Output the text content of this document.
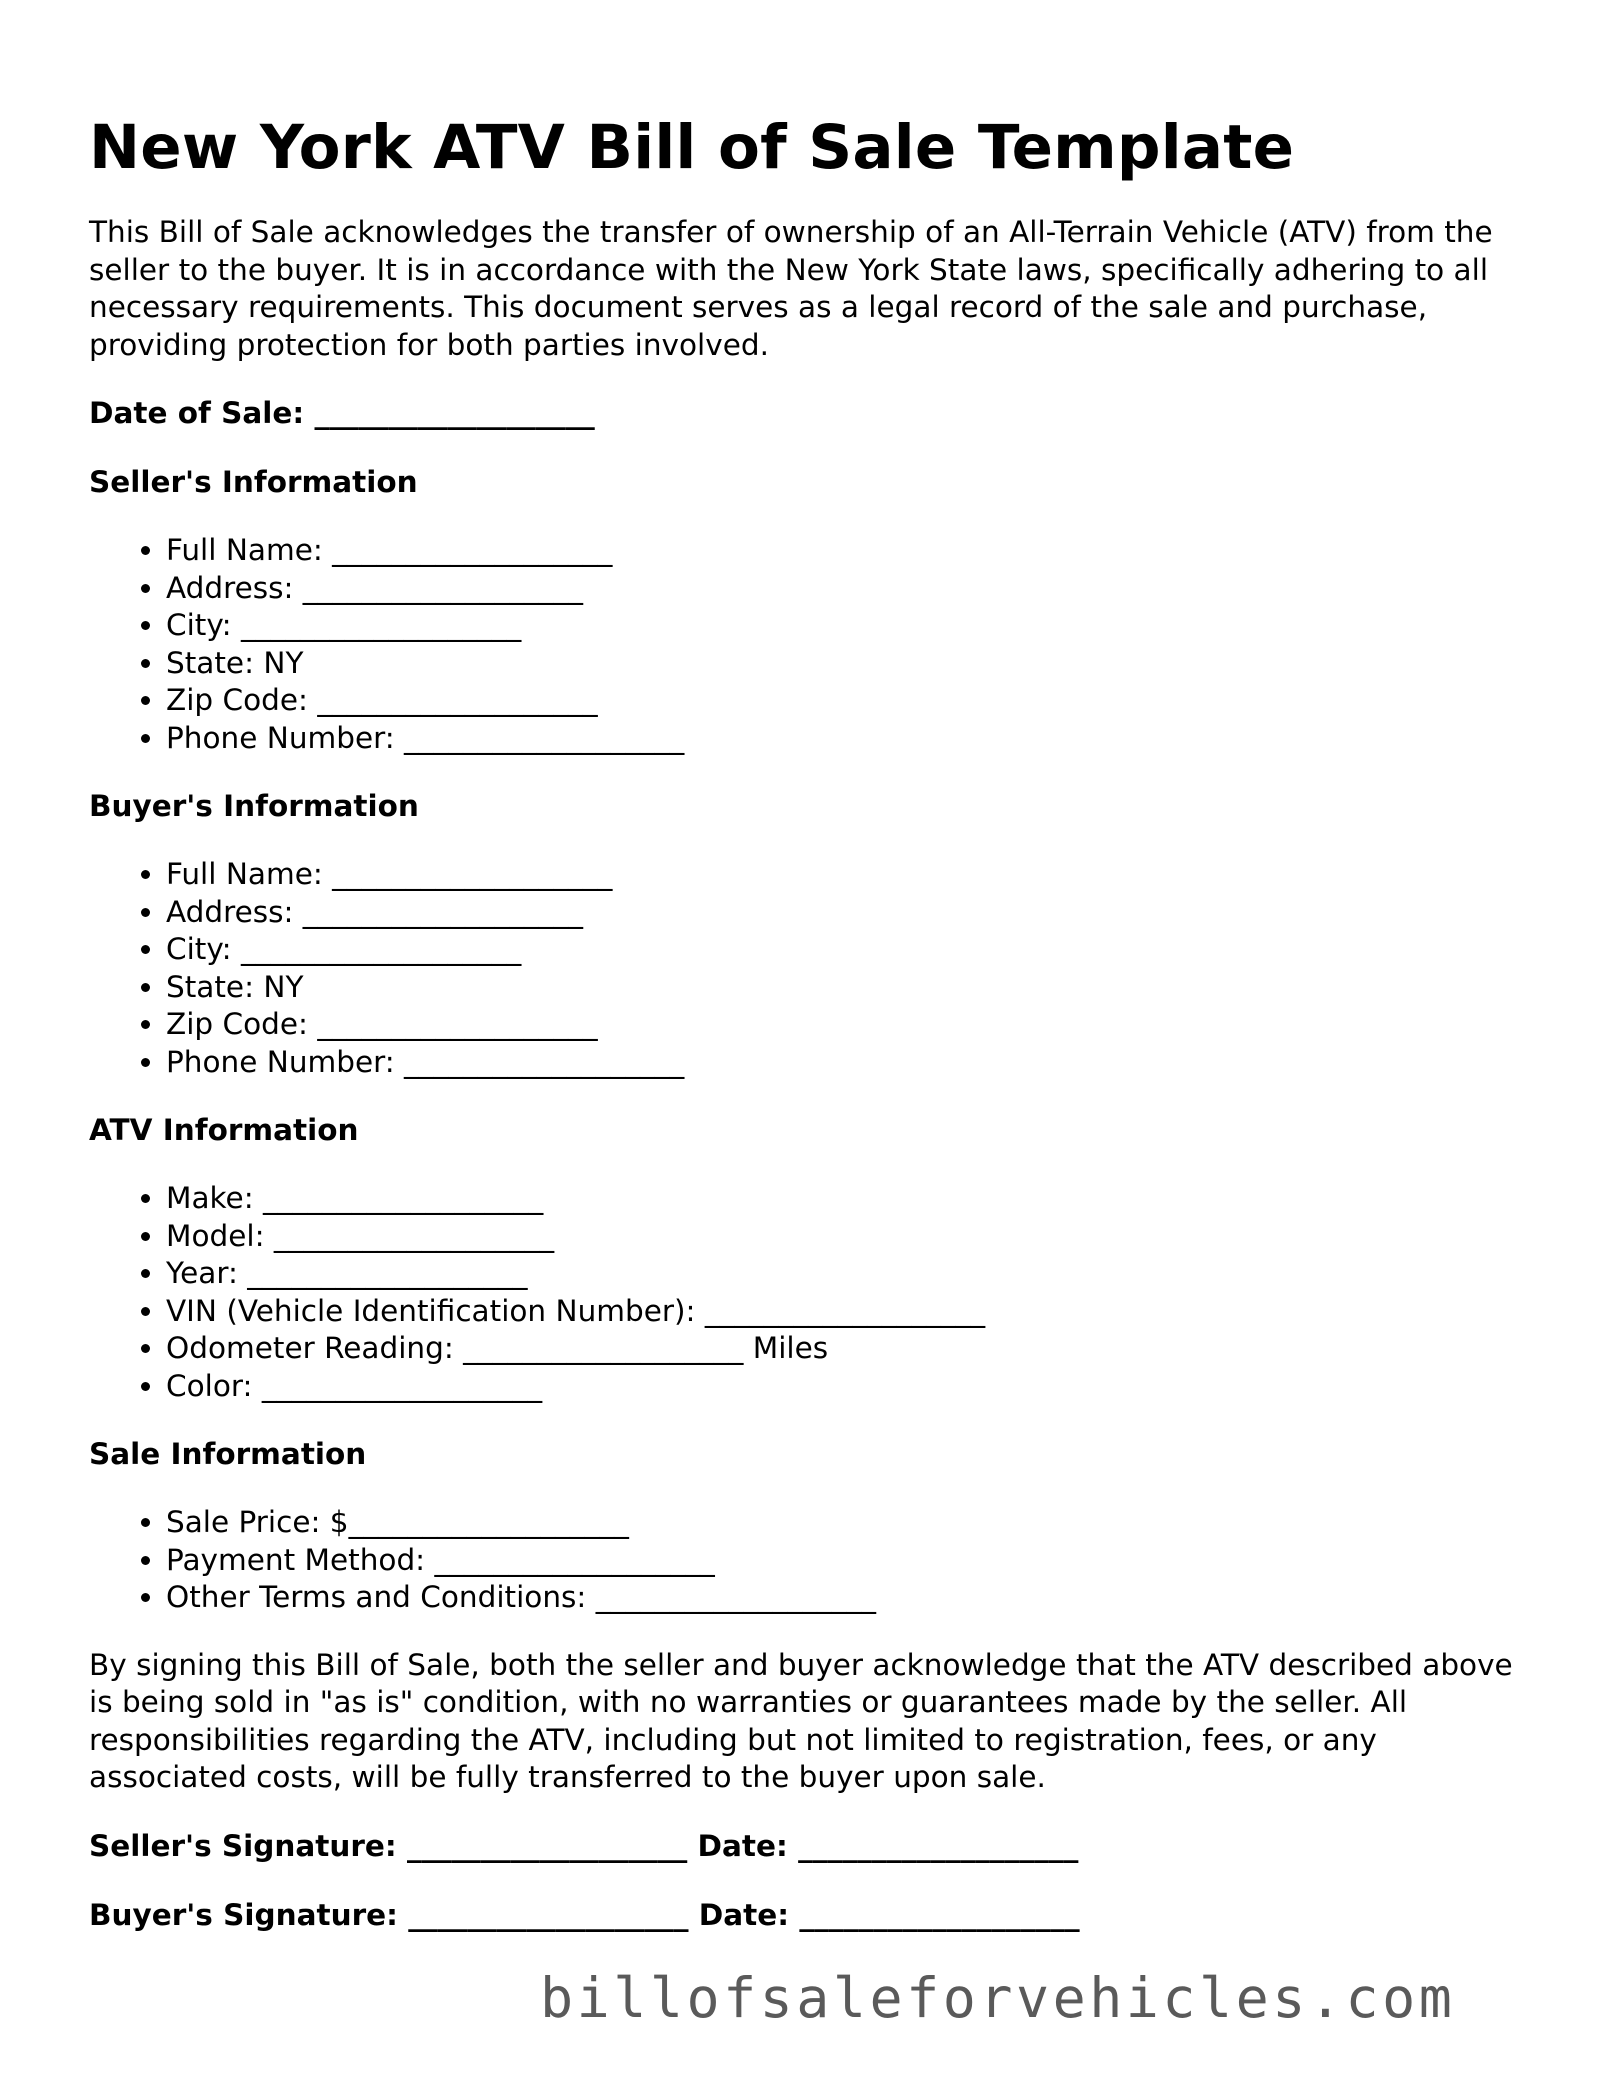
New York ATV Bill of Sale Template

This Bill of Sale acknowledges the transfer of ownership of an All-Terrain Vehicle (ATV) from the seller to the buyer. It is in accordance with the New York State laws, specifically adhering to all necessary requirements. This document serves as a legal record of the sale and purchase, providing protection for both parties involved.

Date of Sale: ___________________
Seller's Information
• Full Name: ___________________
• Address: ___________________
• City: ___________________
• State: NY
• Zip Code: ___________________
• Phone Number: ___________________
Buyer's Information
• Full Name: ___________________
• Address: ___________________
• City: ___________________
• State: NY
• Zip Code: ___________________
• Phone Number: ___________________
ATV Information
• Make: ___________________
• Model: ___________________
• Year: ___________________
• VIN (Vehicle Identification Number): ___________________
• Odometer Reading: ___________________ Miles
• Color: ___________________
Sale Information
• Sale Price: $___________________
• Payment Method: ___________________
• Other Terms and Conditions: ___________________

By signing this Bill of Sale, both the seller and buyer acknowledge that the ATV described above is being sold in "as is" condition, with no warranties or guarantees made by the seller. All responsibilities regarding the ATV, including but not limited to registration, fees, or any associated costs, will be fully transferred to the buyer upon sale.

Seller's Signature: ___________________ Date: ___________________
Buyer's Signature: ___________________ Date: ___________________
billofsaleforvehicles.com
